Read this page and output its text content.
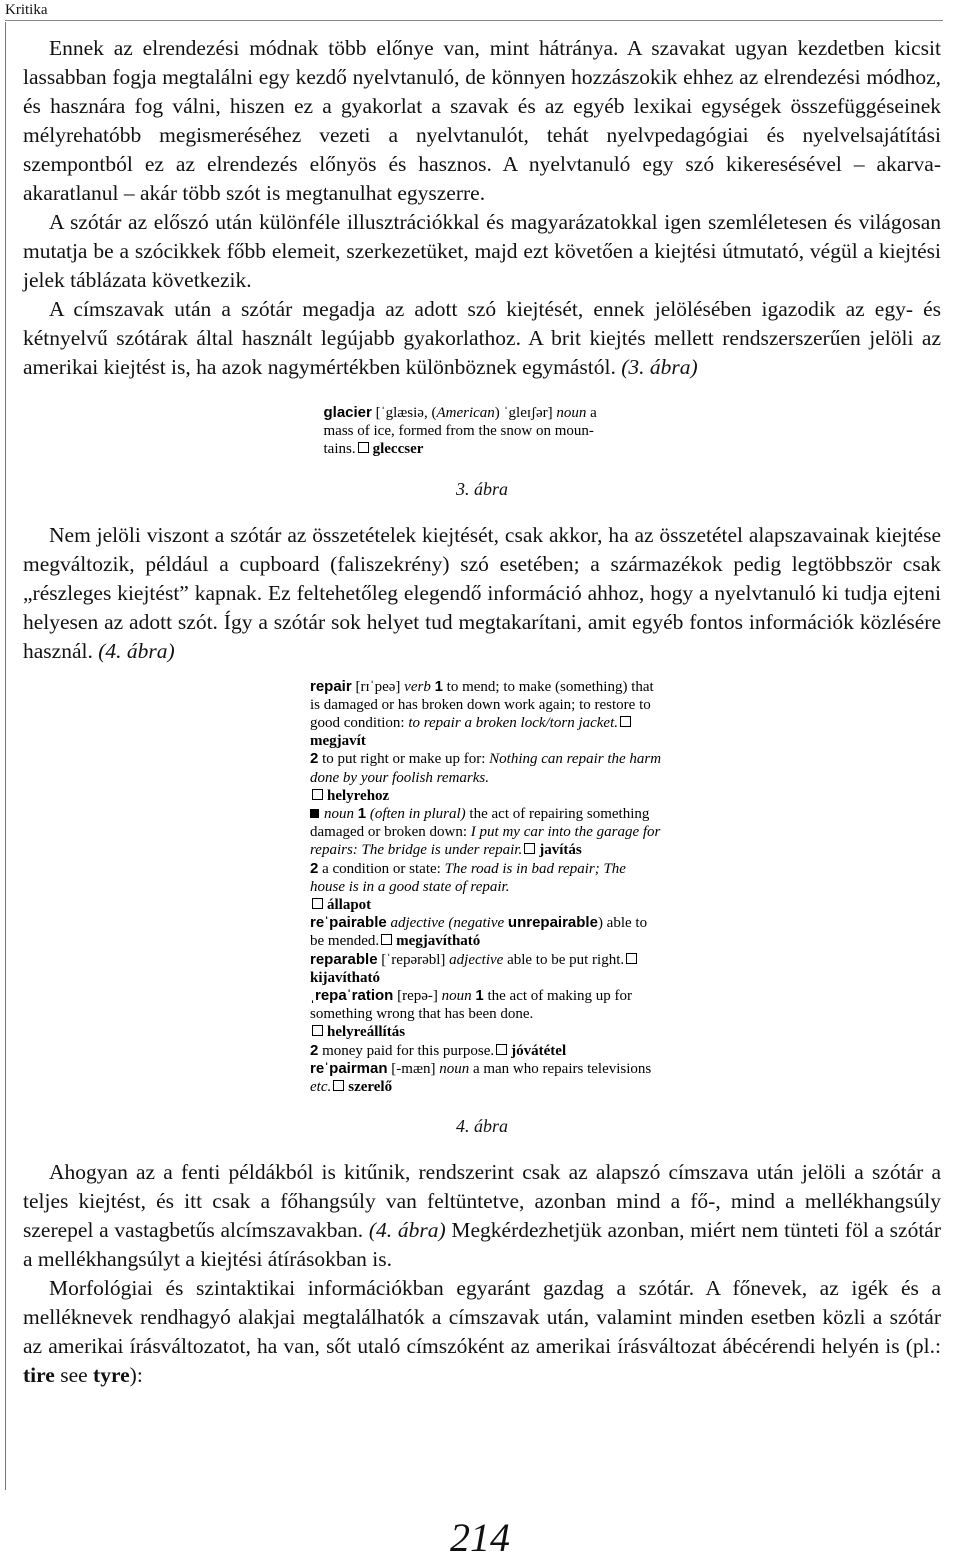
Kritika

Ennek az elrendezési módnak több előnye van, mint hátránya. A szavakat ugyan kezdetben kicsit lassabban fogja megtalálni egy kezdő nyelvtanuló, de könnyen hozzászokik ehhez az elrendezési módhoz, és hasznára fog válni, hiszen ez a gyakorlat a szavak és az egyéb lexikai egységek összefüggéseinek mélyrehatóbb megismeréséhez vezeti a nyelvtanulót, tehát nyelvpedagógiai és nyelvelsajátítási szempontból ez az elrendezés előnyös és hasznos. A nyelvtanuló egy szó kikeresésével – akarva-akaratlanul – akár több szót is megtanulhat egyszerre.

A szótár az előszó után különféle illusztrációkkal és magyarázatokkal igen szemléletesen és világosan mutatja be a szócikkek főbb elemeit, szerkezetüket, majd ezt követően a kiejtési útmutató, végül a kiejtési jelek táblázata következik.

A címszavak után a szótár megadja az adott szó kiejtését, ennek jelölésében igazodik az egy- és kétnyelvű szótárak által használt legújabb gyakorlathoz. A brit kiejtés mellett rendszerszerűen jelöli az amerikai kiejtést is, ha azok nagymértékben különböznek egymástól. (3. ábra)

glacier [ˈglæsiə, (American) ˈgleɪʃər] noun a
mass of ice, formed from the snow on moun-
tains. gleccser
3. ábra

Nem jelöli viszont a szótár az összetételek kiejtését, csak akkor, ha az összetétel alapszavainak kiejtése megváltozik, például a cupboard (faliszekrény) szó esetében; a származékok pedig legtöbbször csak „részleges kiejtést” kapnak. Ez feltehetőleg elegendő információ ahhoz, hogy a nyelvtanuló ki tudja ejteni helyesen az adott szót. Így a szótár sok helyet tud megtakarítani, amit egyéb fontos információk közlésére használ. (4. ábra)

repair [rɪˈpeə] verb 1 to mend; to make (something) that is damaged or has broken down work again; to restore to good condition: to repair a broken lock/torn jacket.megjavít
2 to put right or make up for: Nothing can repair the harm done by your foolish remarks.
helyrehoz
noun 1 (often in plural) the act of repairing something damaged or broken down: I put my car into the garage for repairs: The bridge is under repair. javítás
2 a condition or state: The road is in bad repair; The house is in a good state of repair.
állapot
reˈpairable adjective (negative unrepairable) able to be mended. megjavítható
reparable [ˈrepərəbl] adjective able to be put right.kijavítható
ˌrepaˈration [repə-] noun 1 the act of making up for something wrong that has been done.
helyreállítás
2 money paid for this purpose. jóvátétel
reˈpairman [-mæn] noun a man who repairs televisions etc. szerelő
4. ábra

Ahogyan az a fenti példákból is kitűnik, rendszerint csak az alapszó címszava után jelöli a szótár a teljes kiejtést, és itt csak a főhangsúly van feltüntetve, azonban mind a fő-, mind a mellékhangsúly szerepel a vastagbetűs alcímszavakban. (4. ábra) Megkérdezhetjük azonban, miért nem tünteti föl a szótár a mellékhangsúlyt a kiejtési átírásokban is.

Morfológiai és szintaktikai információkban egyaránt gazdag a szótár. A főnevek, az igék és a melléknevek rendhagyó alakjai megtalálhatók a címszavak után, valamint minden esetben közli a szótár az amerikai írásváltozatot, ha van, sőt utaló címszóként az amerikai írásváltozat ábécérendi helyén is (pl.: tire see tyre):

214
